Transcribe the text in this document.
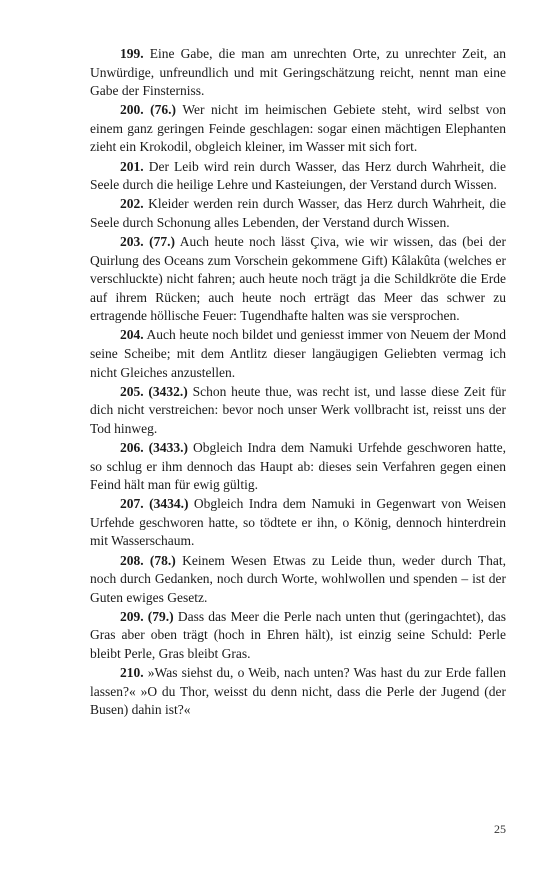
199. Eine Gabe, die man am unrechten Orte, zu unrechter Zeit, an Unwürdige, unfreundlich und mit Geringschätzung reicht, nennt man eine Gabe der Finsterniss.

200. (76.) Wer nicht im heimischen Gebiete steht, wird selbst von einem ganz geringen Feinde geschlagen: sogar einen mächtigen Elephanten zieht ein Krokodil, obgleich kleiner, im Wasser mit sich fort.

201. Der Leib wird rein durch Wasser, das Herz durch Wahrheit, die Seele durch die heilige Lehre und Kasteiungen, der Verstand durch Wissen.

202. Kleider werden rein durch Wasser, das Herz durch Wahrheit, die Seele durch Schonung alles Lebenden, der Verstand durch Wissen.

203. (77.) Auch heute noch lässt Çiva, wie wir wissen, das (bei der Quirlung des Oceans zum Vorschein gekommene Gift) Kâlakûta (welches er verschluckte) nicht fahren; auch heute noch trägt ja die Schildkröte die Erde auf ihrem Rücken; auch heute noch erträgt das Meer das schwer zu ertragende höllische Feuer: Tugendhafte halten was sie versprochen.

204. Auch heute noch bildet und geniesst immer von Neuem der Mond seine Scheibe; mit dem Antlitz dieser langäugigen Geliebten vermag ich nicht Gleiches anzustellen.

205. (3432.) Schon heute thue, was recht ist, und lasse diese Zeit für dich nicht verstreichen: bevor noch unser Werk vollbracht ist, reisst uns der Tod hinweg.

206. (3433.) Obgleich Indra dem Namuki Urfehde geschworen hatte, so schlug er ihm dennoch das Haupt ab: dieses sein Verfahren gegen einen Feind hält man für ewig gültig.

207. (3434.) Obgleich Indra dem Namuki in Gegenwart von Weisen Urfehde geschworen hatte, so tödtete er ihn, o König, dennoch hinterdrein mit Wasserschaum.

208. (78.) Keinem Wesen Etwas zu Leide thun, weder durch That, noch durch Gedanken, noch durch Worte, wohlwollen und spenden – ist der Guten ewiges Gesetz.

209. (79.) Dass das Meer die Perle nach unten thut (geringachtet), das Gras aber oben trägt (hoch in Ehren hält), ist einzig seine Schuld: Perle bleibt Perle, Gras bleibt Gras.

210. »Was siehst du, o Weib, nach unten? Was hast du zur Erde fallen lassen?« »O du Thor, weisst du denn nicht, dass die Perle der Jugend (der Busen) dahin ist?«

25
